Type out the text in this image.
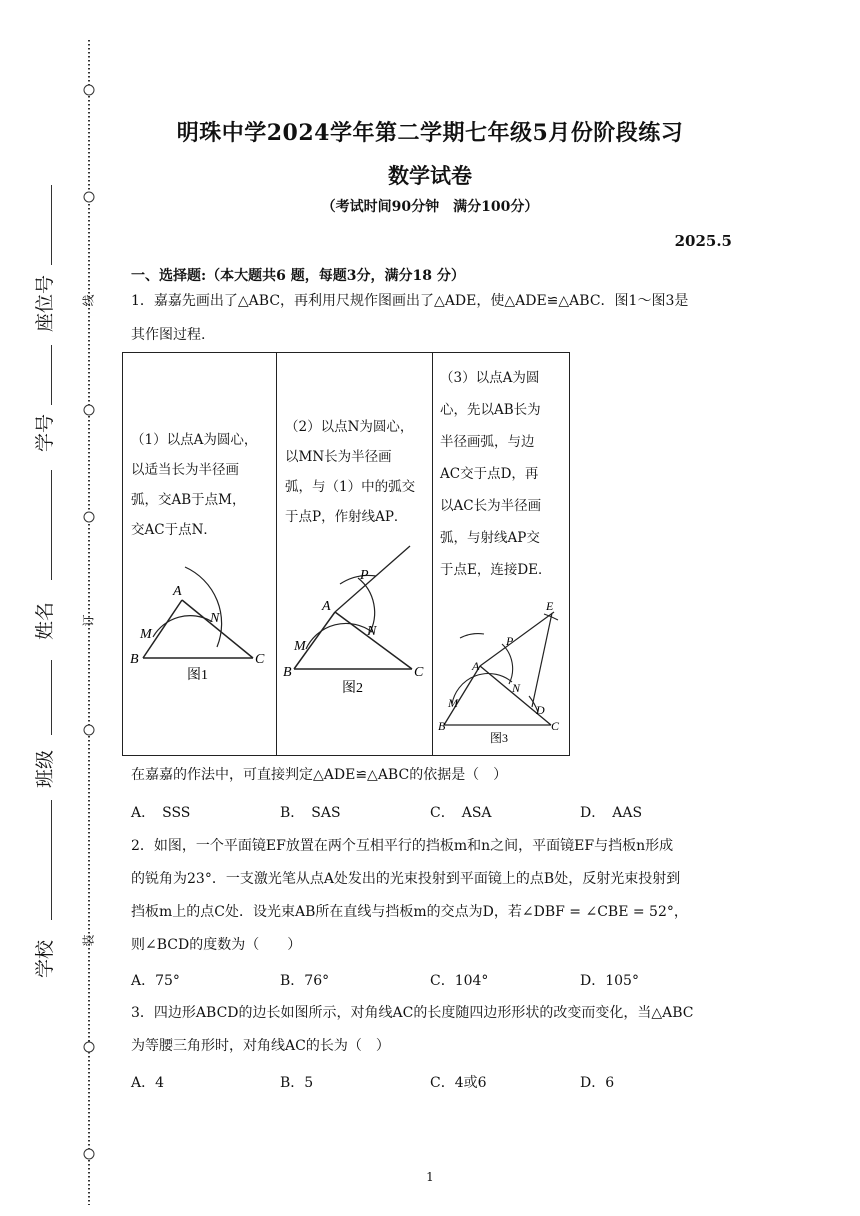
线
订
装
座位号
学号
姓名
班级
学校
明珠中学2024学年第二学期七年级5月份阶段练习
数学试卷
（考试时间90分钟　满分100分）
2025.5
一、选择题:（本大题共6 题，每题3分，满分18 分）
1．嘉嘉先画出了△ABC，再利用尺规作图画出了△ADE，使△ADE≌△ABC．图1～图3是
其作图过程.
（1）以点A为圆心，
以适当长为半径画
弧，交AB于点M，
交AC于点N．
（2）以点N为圆心，
以MN长为半径画
弧，与（1）中的弧交
于点P，作射线AP．
（3）以点A为圆
心，先以AB长为
半径画弧，与边
AC交于点D，再
以AC长为半径画
弧，与射线AP交
于点E，连接DE．
A
M
N
B	C
图1
P
A
M
N
B	C
图2
E
P
A
N
M	D
B	C
图3
在嘉嘉的作法中，可直接判定△ADE≌△ABC的依据是（　）
A．　SSS	B．　SAS	C．　ASA	D．　AAS
2．如图，一个平面镜EF放置在两个互相平行的挡板m和n之间，平面镜EF与挡板n形成
的锐角为23°．一支激光笔从点A处发出的光束投射到平面镜上的点B处，反射光束投射到
挡板m上的点C处．设光束AB所在直线与挡板m的交点为D，若∠DBF = ∠CBE = 52°，
则∠BCD的度数为（　　）
A．75°	B．76°	C．104°	D．105°
3．四边形ABCD的边长如图所示，对角线AC的长度随四边形形状的改变而变化，当△ABC
为等腰三角形时，对角线AC的长为（　）
A．4	B．5	C．4或6	D．6
1
